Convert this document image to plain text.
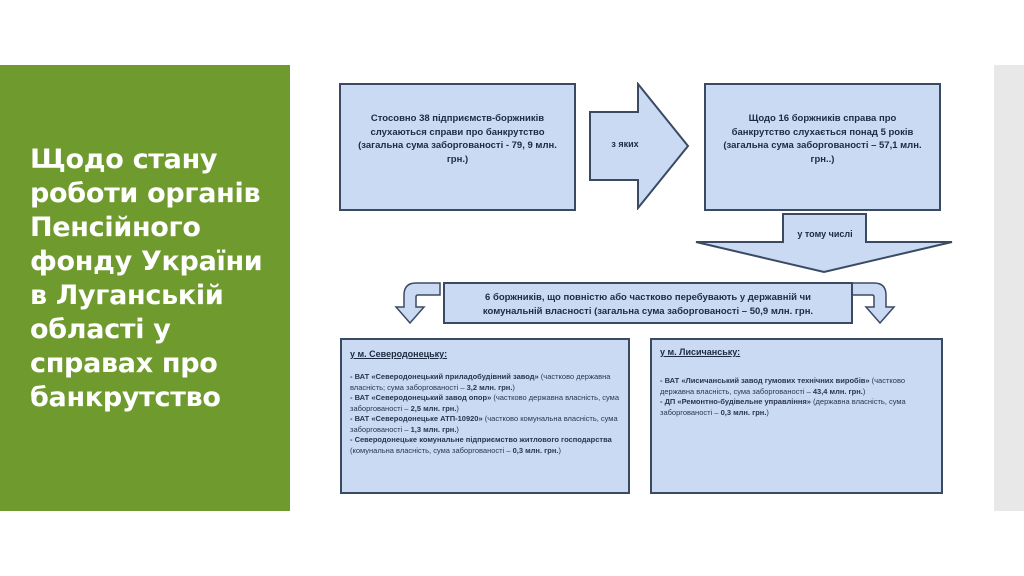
Щодо стану
роботи органів
Пенсійного
фонду України
в Луганській
області у
справах про
банкрутство
Стосовно 38 підприємств-боржників слухаються справи про банкрутство (загальна сума заборгованості - 79, 9 млн. грн.)
з яких
Щодо 16 боржників справа про банкрутство слухається понад 5 років (загальна сума заборгованості – 57,1 млн. грн..)
у тому числі
6 боржників, що повністю або частково перебувають у державній чи комунальній власності (загальна сума заборгованості – 50,9 млн. грн.
у м. Северодонецьку:
- ВАТ «Северодонецький приладобудівний завод» (частково державна власність; сума заборгованості – 3,2 млн. грн.)
- ВАТ «Северодонецький завод опор» (частково державна власність, сума заборгованості – 2,5 млн. грн.)
- ВАТ «Северодонецьке АТП-10920» (частково комунальна власність, сума заборгованості – 1,3 млн. грн.)
- Северодонецьке комунальне підприємство житлового господарства (комунальна власність, сума заборгованості – 0,3 млн. грн.)
у м. Лисичанську:
- ВАТ «Лисичанський завод гумових технічних виробів» (частково державна власність, сума заборгованості – 43,4 млн. грн.)
- ДП «Ремонтно-будівельне управління» (державна власність, сума заборгованості – 0,3 млн. грн.)
